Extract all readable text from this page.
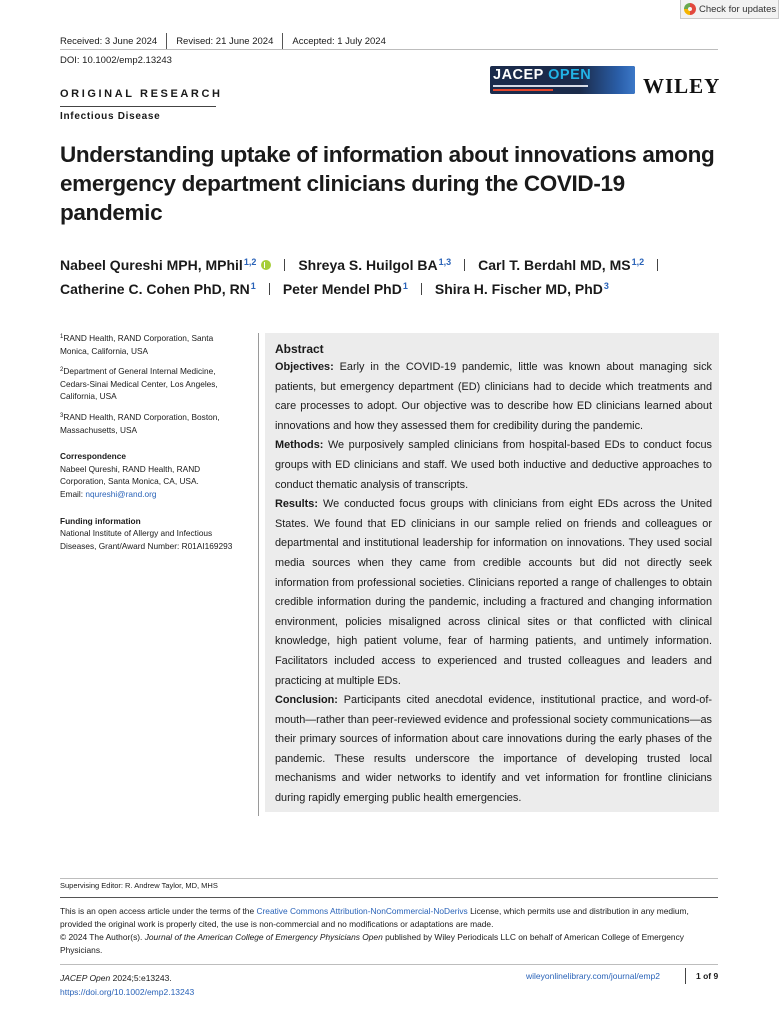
Check for updates
Received: 3 June 2024 Revised: 21 June 2024 Accepted: 1 July 2024
DOI: 10.1002/emp2.13243
JACEP OPEN WILEY
ORIGINAL RESEARCH
Infectious Disease
Understanding uptake of information about innovations among emergency department clinicians during the COVID-19 pandemic
Nabeel Qureshi MPH, MPhil$^{1,2}$	Shreya S. Huilgol BA$^{1,3}$ Carl T. Berdahl MD, MS$^{1,2}$
Catherine C. Cohen PhD, $RN^1$ Peter Mendel PhD$^1$ Shira H. Fischer MD, PhD$^3$

$^1$RAND Health, RAND Corporation, Santa Monica, California, USA

$^2$Department of General Internal Medicine, Cedars-Sinai Medical Center, Los Angeles, California, USA

$^3$RAND Health, RAND Corporation, Boston, Massachusetts, USA

Correspondence

Nabeel Qureshi, RAND Health, RAND Corporation, Santa Monica, CA, USA.

Email: nqureshi@rand.org

Funding information

National Institute of Allergy and Infectious Diseases, Grant/Award Number: R01AI169293

Abstract

Objectives: Early in the COVID-19 pandemic, little was known about managing sick patients, but emergency department (ED) clinicians had to decide which treatments and care processes to adopt. Our objective was to describe how ED clinicians learned about innovations and how they assessed them for credibility during the pandemic.

Methods: We purposively sampled clinicians from hospital-based EDs to conduct focus groups with ED clinicians and staff. We used both inductive and deductive approaches to conduct thematic analysis of transcripts.

Results: We conducted focus groups with clinicians from eight EDs across the United States. We found that ED clinicians in our sample relied on friends and colleagues or departmental and institutional leadership for information on innovations. They used social media sources when they came from credible accounts but did not directly seek information from professional societies. Clinicians reported a range of challenges to obtain credible information during the pandemic, including a fractured and changing information environment, policies misaligned across clinical sites or that conflicted with clinical knowledge, high patient volume, fear of harming patients, and untimely information. Facilitators included access to experienced and trusted colleagues and leaders and practicing at multiple EDs.

Conclusion: Participants cited anecdotal evidence, institutional practice, and word-of-mouth—rather than peer-reviewed evidence and professional society communications—as their primary sources of information about care innovations during the early phases of the pandemic. These results underscore the importance of developing trusted local mechanisms and wider networks to identify and vet information for frontline clinicians during rapidly emerging public health emergencies.

Supervising Editor: R. Andrew Taylor, MD, MHS

This is an open access article under the terms of the Creative Commons Attribution-NonCommercial-NoDerivs License, which permits use and distribution in any medium, provided the original work is properly cited, the use is non-commercial and no modifications or adaptations are made.

© 2024 The Author(s). Journal of the American College of Emergency Physicians Open published by Wiley Periodicals LLC on behalf of American College of Emergency Physicians.

JACEP Open 2024;5:e13243.
https://doi.org/10.1002/emp2.13243
wileyonlinelibrary.com/journal/emp2	1 of 9
